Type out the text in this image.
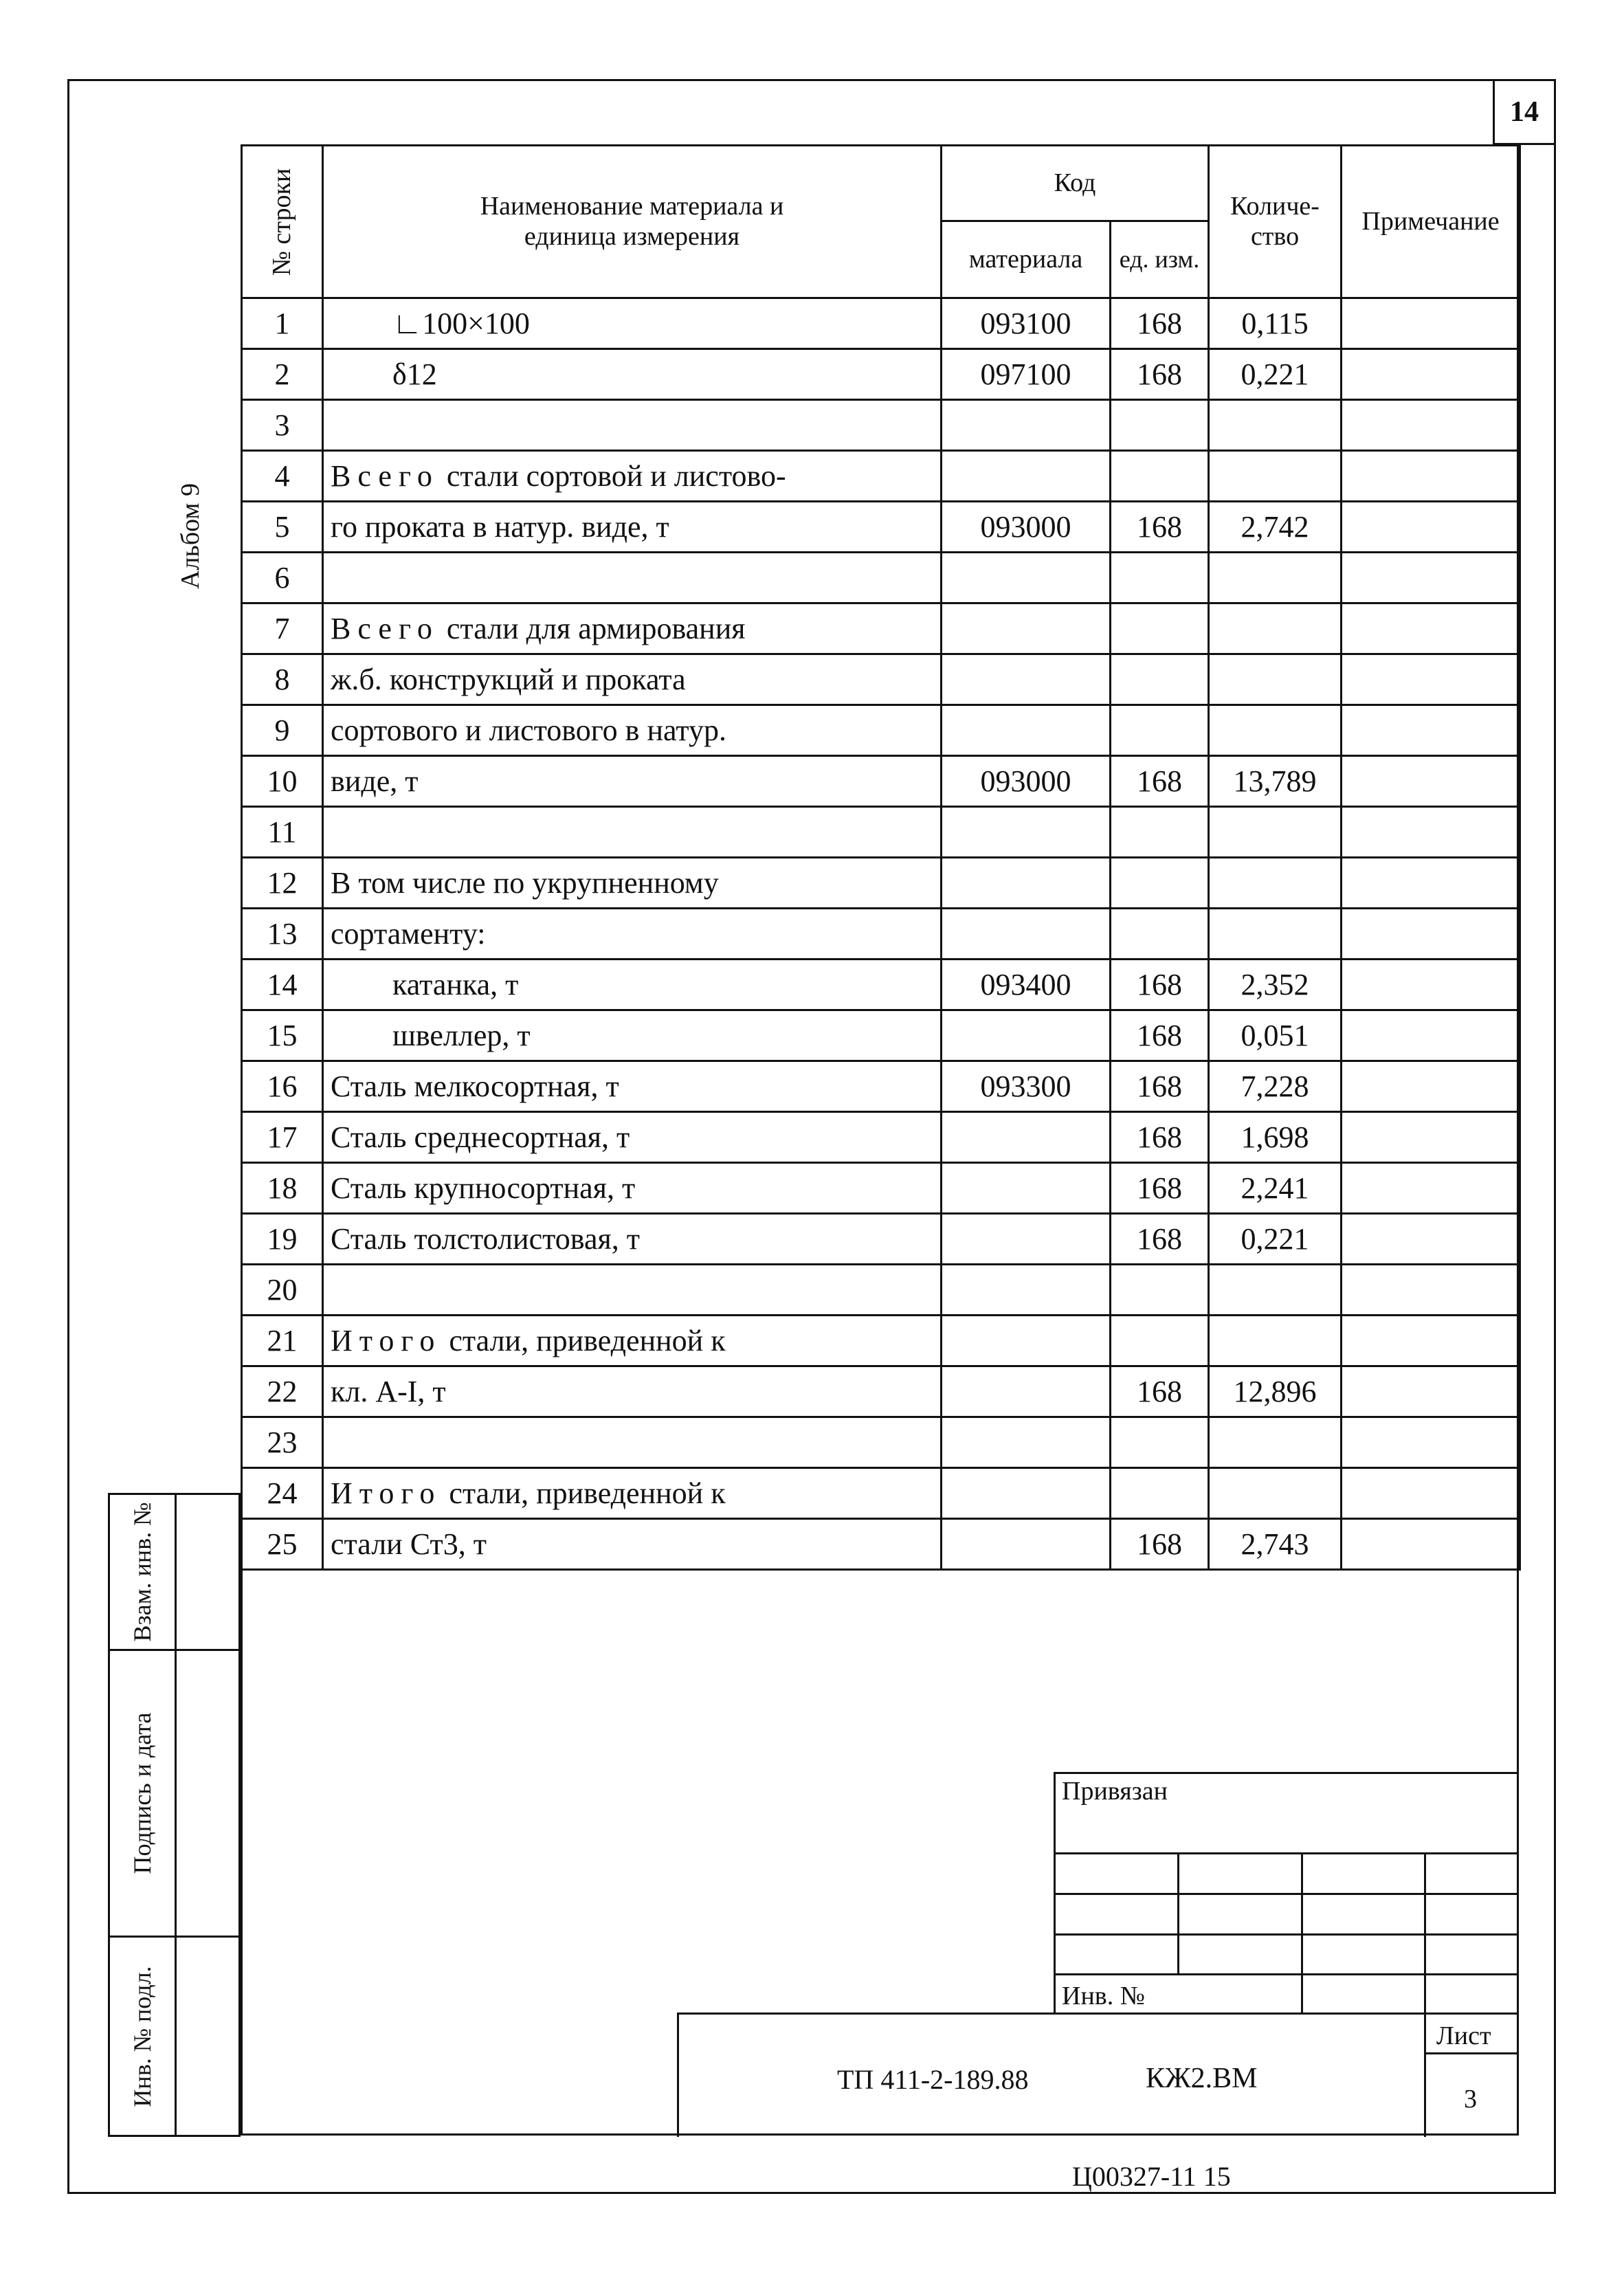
14
Альбом 9
№ строки	Наименование материала и единица измерения	Код		Количе- ство	Примечание
		материала	ед. изм.		
1	∟100×100	093100	168	0,115	
2	δ12	097100	168	0,221	
3					
4	Всего стали сортовой и листово-				
5	го проката в натур. виде, т	093000	168	2,742	
6					
7	Всего стали для армирования				
8	ж.б. конструкций и проката				
9	сортового и листового в натур.				
10	виде, т	093000	168	13,789	
11					
12	В том числе по укрупненному				
13	сортаменту:				
14	катанка, т	093400	168	2,352	
15	швеллер, т		168	0,051	
16	Сталь мелкосортная, т	093300	168	7,228	
17	Сталь среднесортная, т		168	1,698	
18	Сталь крупносортная, т		168	2,241	
19	Сталь толстолистовая, т		168	0,221	
20					
21	Итого стали, приведенной к				
22	кл. А-I, т		168	12,896	
23					
24	Итого стали, приведенной к				
25	стали Ст3, т		168	2,743	
Взам. инв. №
Подпись и дата
Инв. № подл.
Привязан
Инв. №
ТП 411-2-189.88	КЖ2.ВМ
Лист
3
Ц00327-11 15
